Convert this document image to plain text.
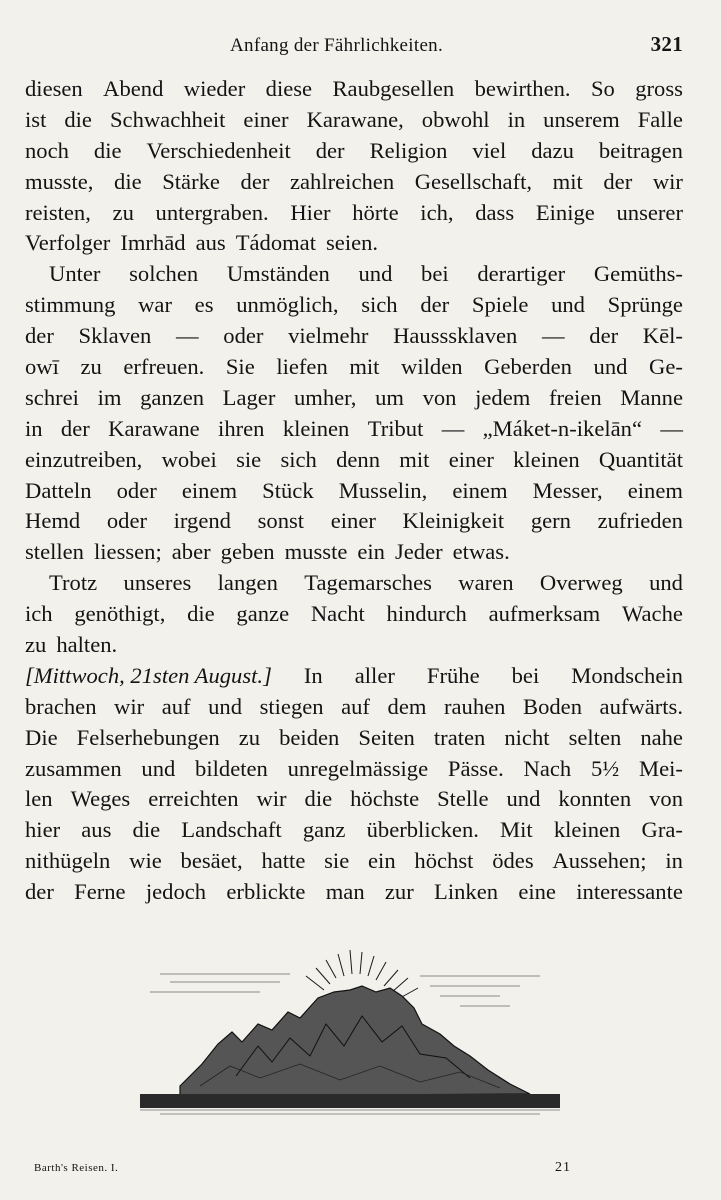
Anfang der Fährlichkeiten.	321
diesen Abend wieder diese Raubgesellen bewirthen. So gross
ist die Schwachheit einer Karawane, obwohl in unserem Falle
noch die Verschiedenheit der Religion viel dazu beitragen
musste, die Stärke der zahlreichen Gesellschaft, mit der wir
reisten, zu untergraben. Hier hörte ich, dass Einige unserer
Verfolger Imrhād aus Tádomat seien.
Unter solchen Umständen und bei derartiger Gemüths-
stimmung war es unmöglich, sich der Spiele und Sprünge
der Sklaven — oder vielmehr Hausssklaven — der Kēl-
owī zu erfreuen. Sie liefen mit wilden Geberden und Ge-
schrei im ganzen Lager umher, um von jedem freien Manne
in der Karawane ihren kleinen Tribut — „Máket-n-ikelān“ —
einzutreiben, wobei sie sich denn mit einer kleinen Quantität
Datteln oder einem Stück Musselin, einem Messer, einem
Hemd oder irgend sonst einer Kleinigkeit gern zufrieden
stellen liessen; aber geben musste ein Jeder etwas.
Trotz unseres langen Tagemarsches waren Overweg und
ich genöthigt, die ganze Nacht hindurch aufmerksam Wache
zu halten.
[Mittwoch, 21sten August.] In aller Frühe bei Mondschein
brachen wir auf und stiegen auf dem rauhen Boden aufwärts.
Die Felserhebungen zu beiden Seiten traten nicht selten nahe
zusammen und bildeten unregelmässige Pässe. Nach 5½ Mei-
len Weges erreichten wir die höchste Stelle und konnten von
hier aus die Landschaft ganz überblicken. Mit kleinen Gra-
nithügeln wie besäet, hatte sie ein höchst ödes Aussehen; in
der Ferne jedoch erblickte man zur Linken eine interessante
Barth's Reisen. I.	21
